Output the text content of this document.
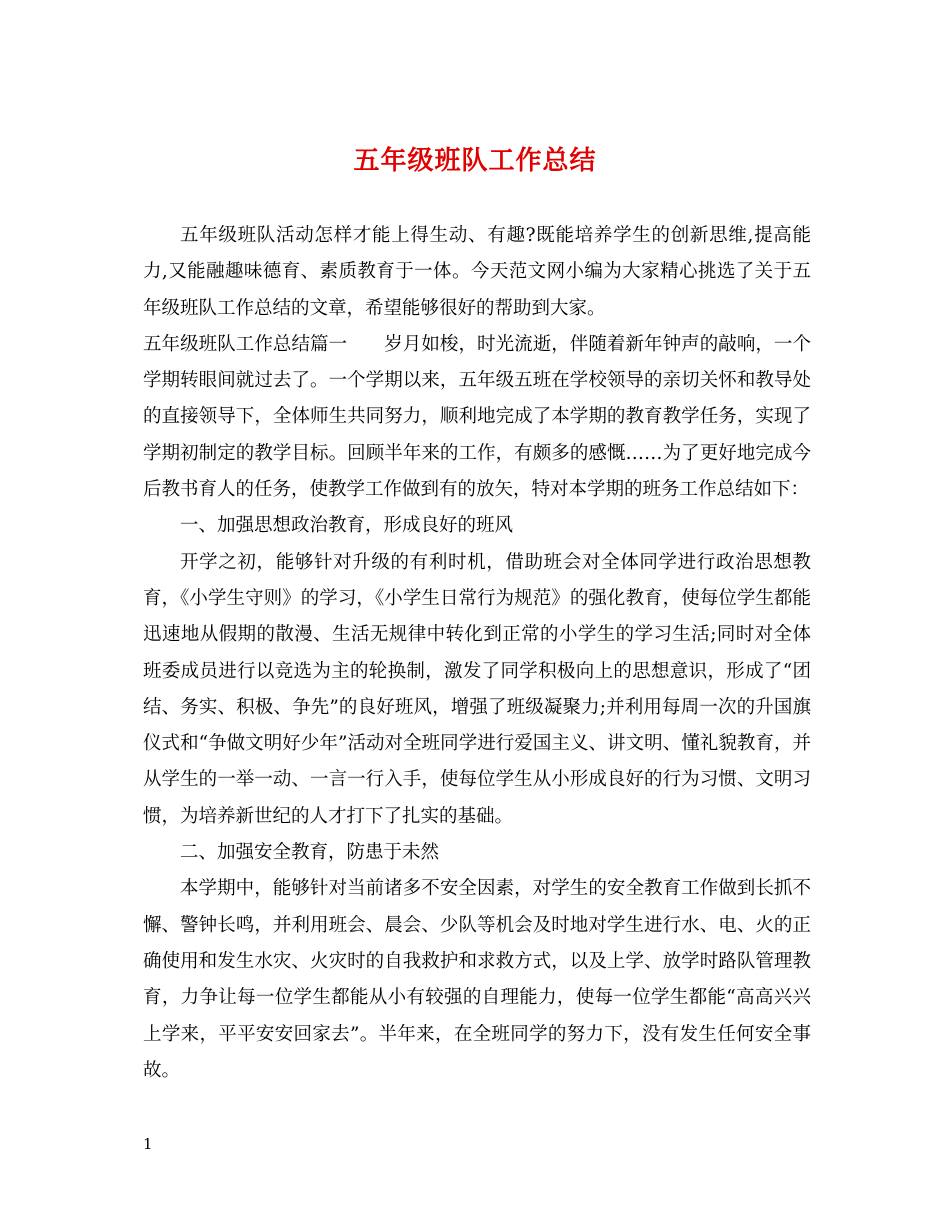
五年级班队工作总结

五年级班队活动怎样才能上得生动、有趣?既能培养学生的创新思维,提高能力,又能融趣味德育、素质教育于一体。今天范文网小编为大家精心挑选了关于五年级班队工作总结的文章，希望能够很好的帮助到大家。

五年级班队工作总结篇一　　岁月如梭，时光流逝，伴随着新年钟声的敲响，一个学期转眼间就过去了。一个学期以来，五年级五班在学校领导的亲切关怀和教导处的直接领导下，全体师生共同努力，顺利地完成了本学期的教育教学任务，实现了学期初制定的教学目标。回顾半年来的工作，有颇多的感慨……为了更好地完成今后教书育人的任务，使教学工作做到有的放矢，特对本学期的班务工作总结如下：

一、加强思想政治教育，形成良好的班风

开学之初，能够针对升级的有利时机，借助班会对全体同学进行政治思想教育，《小学生守则》的学习，《小学生日常行为规范》的强化教育，使每位学生都能迅速地从假期的散漫、生活无规律中转化到正常的小学生的学习生活;同时对全体班委成员进行以竞选为主的轮换制，激发了同学积极向上的思想意识，形成了“团结、务实、积极、争先”的良好班风，增强了班级凝聚力;并利用每周一次的升国旗仪式和“争做文明好少年”活动对全班同学进行爱国主义、讲文明、懂礼貌教育，并从学生的一举一动、一言一行入手，使每位学生从小形成良好的行为习惯、文明习惯，为培养新世纪的人才打下了扎实的基础。

二、加强安全教育，防患于未然

本学期中，能够针对当前诸多不安全因素，对学生的安全教育工作做到长抓不懈、警钟长鸣，并利用班会、晨会、少队等机会及时地对学生进行水、电、火的正确使用和发生水灾、火灾时的自我救护和求救方式，以及上学、放学时路队管理教育，力争让每一位学生都能从小有较强的自理能力，使每一位学生都能“高高兴兴上学来，平平安安回家去”。半年来，在全班同学的努力下，没有发生任何安全事故。

1
